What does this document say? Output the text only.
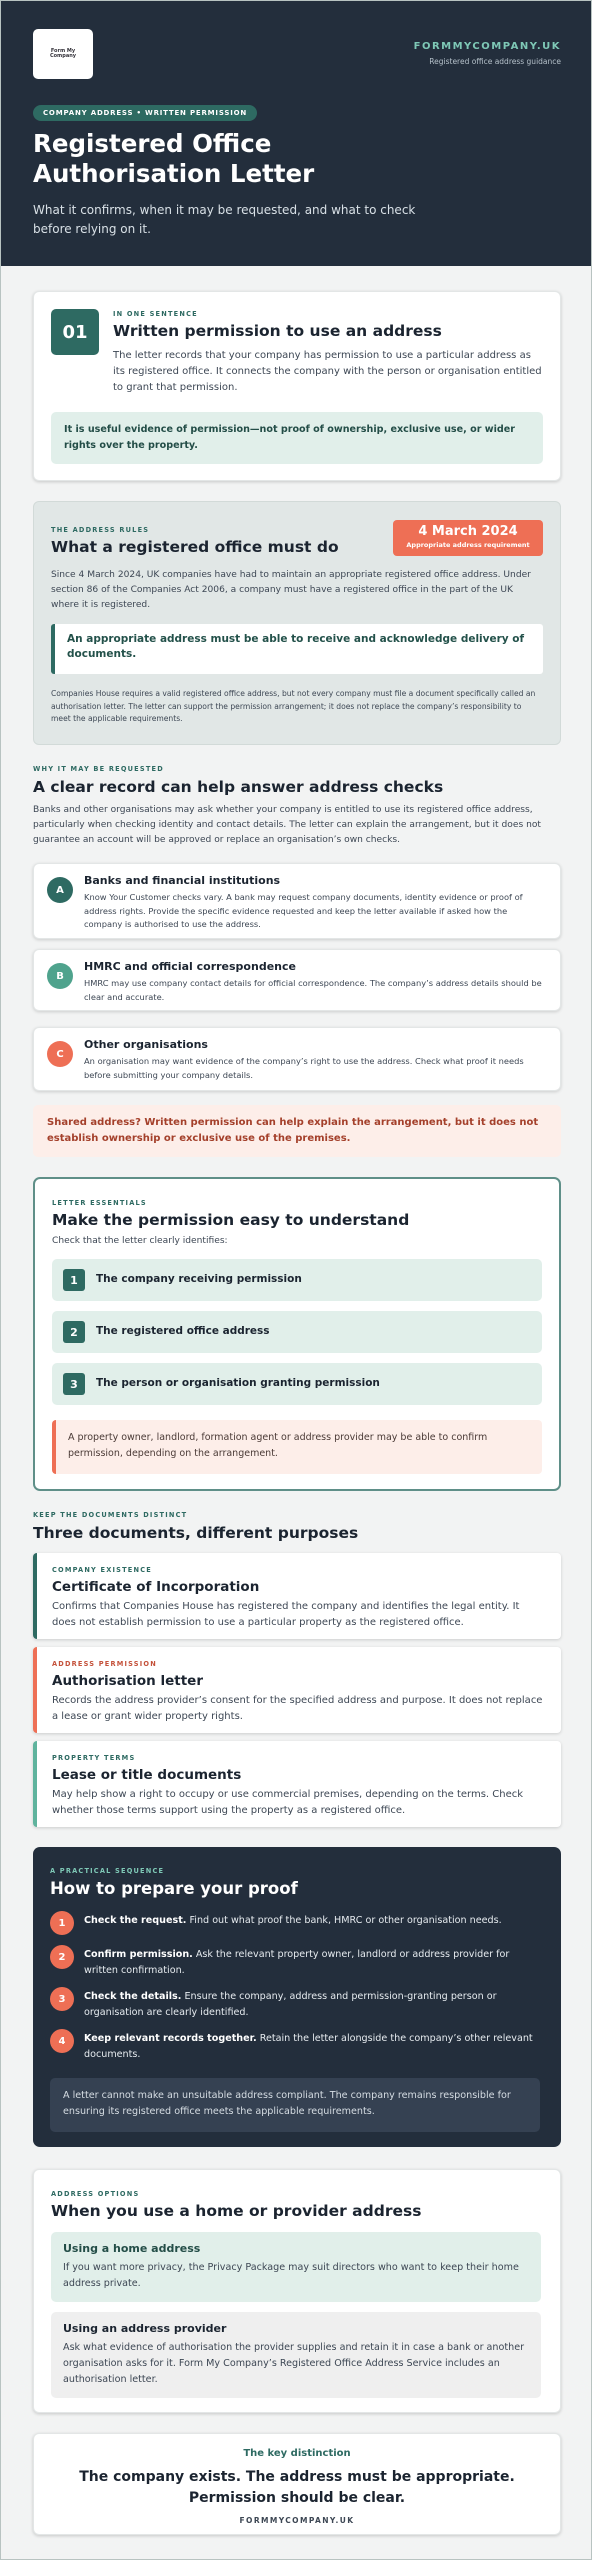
Form My Company
FORMMYCOMPANY.UK
Registered office address guidance
COMPANY ADDRESS • WRITTEN PERMISSION
Registered Office Authorisation Letter
What it confirms, when it may be requested, and what to check before relying on it.
01
IN ONE SENTENCE
Written permission to use an address
The letter records that your company has permission to use a particular address as its registered office. It connects the company with the person or organisation entitled to grant that permission.
It is useful evidence of permission—not proof of ownership, exclusive use, or wider rights over the property.
THE ADDRESS RULES
What a registered office must do
4 March 2024
Appropriate address requirement
Since 4 March 2024, UK companies have had to maintain an appropriate registered office address. Under section 86 of the Companies Act 2006, a company must have a registered office in the part of the UK where it is registered.
An appropriate address must be able to receive and acknowledge delivery of documents.
Companies House requires a valid registered office address, but not every company must file a document specifically called an authorisation letter. The letter can support the permission arrangement; it does not replace the company’s responsibility to meet the applicable requirements.
WHY IT MAY BE REQUESTED
A clear record can help answer address checks
Banks and other organisations may ask whether your company is entitled to use its registered office address, particularly when checking identity and contact details. The letter can explain the arrangement, but it does not guarantee an account will be approved or replace an organisation’s own checks.
A
Banks and financial institutions
Know Your Customer checks vary. A bank may request company documents, identity evidence or proof of address rights. Provide the specific evidence requested and keep the letter available if asked how the company is authorised to use the address.
B
HMRC and official correspondence
HMRC may use company contact details for official correspondence. The company’s address details should be clear and accurate.
C
Other organisations
An organisation may want evidence of the company’s right to use the address. Check what proof it needs before submitting your company details.
Shared address? Written permission can help explain the arrangement, but it does not establish ownership or exclusive use of the premises.
LETTER ESSENTIALS
Make the permission easy to understand
Check that the letter clearly identifies:
1	The company receiving permission
2	The registered office address
3	The person or organisation granting permission
A property owner, landlord, formation agent or address provider may be able to confirm permission, depending on the arrangement.
KEEP THE DOCUMENTS DISTINCT
Three documents, different purposes
COMPANY EXISTENCE
Certificate of Incorporation
Confirms that Companies House has registered the company and identifies the legal entity. It does not establish permission to use a particular property as the registered office.
ADDRESS PERMISSION
Authorisation letter
Records the address provider’s consent for the specified address and purpose. It does not replace a lease or grant wider property rights.
PROPERTY TERMS
Lease or title documents
May help show a right to occupy or use commercial premises, depending on the terms. Check whether those terms support using the property as a registered office.
A PRACTICAL SEQUENCE
How to prepare your proof
1	Check the request. Find out what proof the bank, HMRC or other organisation needs.
2	Confirm permission. Ask the relevant property owner, landlord or address provider for written confirmation.
3	Check the details. Ensure the company, address and permission-granting person or organisation are clearly identified.
4	Keep relevant records together. Retain the letter alongside the company’s other relevant documents.
A letter cannot make an unsuitable address compliant. The company remains responsible for ensuring its registered office meets the applicable requirements.
ADDRESS OPTIONS
When you use a home or provider address
Using a home address
If you want more privacy, the Privacy Package may suit directors who want to keep their home address private.
Using an address provider
Ask what evidence of authorisation the provider supplies and retain it in case a bank or another organisation asks for it. Form My Company’s Registered Office Address Service includes an authorisation letter.
The key distinction
The company exists. The address must be appropriate. Permission should be clear.
FORMMYCOMPANY.UK
